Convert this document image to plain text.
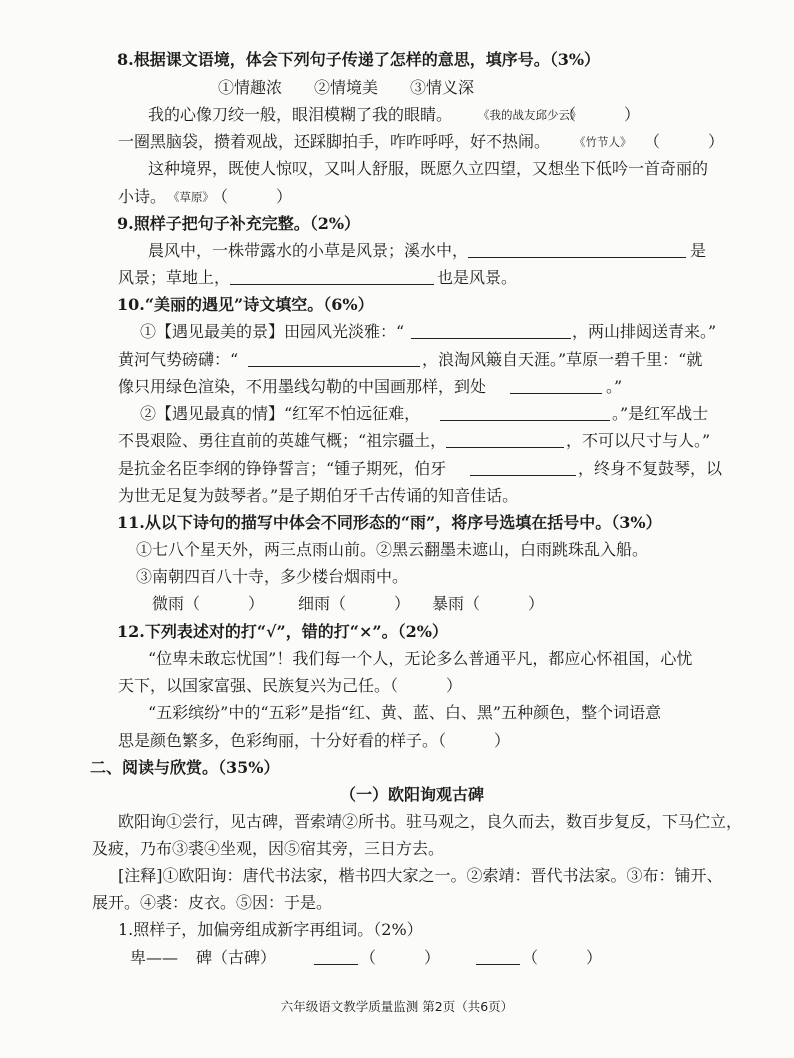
8.根据课文语境，体会下列句子传递了怎样的意思，填序号。（3%）
①情趣浓　　②情境美　　③情义深
我的心像刀绞一般，眼泪模糊了我的眼睛。 《我的战友邱少云》
（　　　）
一圈黑脑袋，攒着观战，还踩脚拍手，咋咋呼呼，好不热闹。 《竹节人》 （　　　）
这种境界，既使人惊叹，又叫人舒服，既愿久立四望，又想坐下低吟一首奇丽的
小诗。 《草原》
（　　　）
9.照样子把句子补充完整。（2%）
晨风中，一株带露水的小草是风景；溪水中，	是
风景；草地上，	也是风景。
10.“美丽的遇见”诗文填空。（6%）
①【遇见最美的景】田园风光淡雅：“	，两山排闼送青来。”
黄河气势磅礴：“	，浪淘风簸自天涯。”草原一碧千里：“就
像只用绿色渲染，不用墨线勾勒的中国画那样，到处	。”
②【遇见最真的情】“红军不怕远征难，	。”是红军战士
不畏艰险、勇往直前的英雄气概；“祖宗疆土，	，不可以尺寸与人。”
是抗金名臣李纲的铮铮誓言；“锺子期死，伯牙	，终身不复鼓琴，以
为世无足复为鼓琴者。”是子期伯牙千古传诵的知音佳话。
11.从以下诗句的描写中体会不同形态的“雨”，将序号选填在括号中。（3%）
①七八个星天外，两三点雨山前。②黑云翻墨未遮山，白雨跳珠乱入船。
③南朝四百八十寺，多少楼台烟雨中。
微雨（　　　） 细雨（　　　） 暴雨（　　　）
12.下列表述对的打“√”，错的打“×”。（2%）
“位卑未敢忘忧国”！我们每一个人，无论多么普通平凡，都应心怀祖国，心忧
天下，以国家富强、民族复兴为己任。（　　　）
“五彩缤纷”中的“五彩”是指“红、黄、蓝、白、黑”五种颜色，整个词语意
思是颜色繁多，色彩绚丽，十分好看的样子。（　　　）
二、阅读与欣赏。（35%）
（一）欧阳询观古碑
欧阳询①尝行，见古碑，晋索靖②所书。驻马观之，良久而去，数百步复反，下马伫立，
及疲，乃布③裘④坐观，因⑤宿其旁，三日方去。
[注释]①欧阳询：唐代书法家，楷书四大家之一。②索靖：晋代书法家。③布：铺开、
展开。④裘：皮衣。⑤因：于是。
1.照样子，加偏旁组成新字再组词。（2%）
卑—— 碑（古碑）	（　　　）	（　　　）
六年级语文教学质量监测 第2页（共6页）
